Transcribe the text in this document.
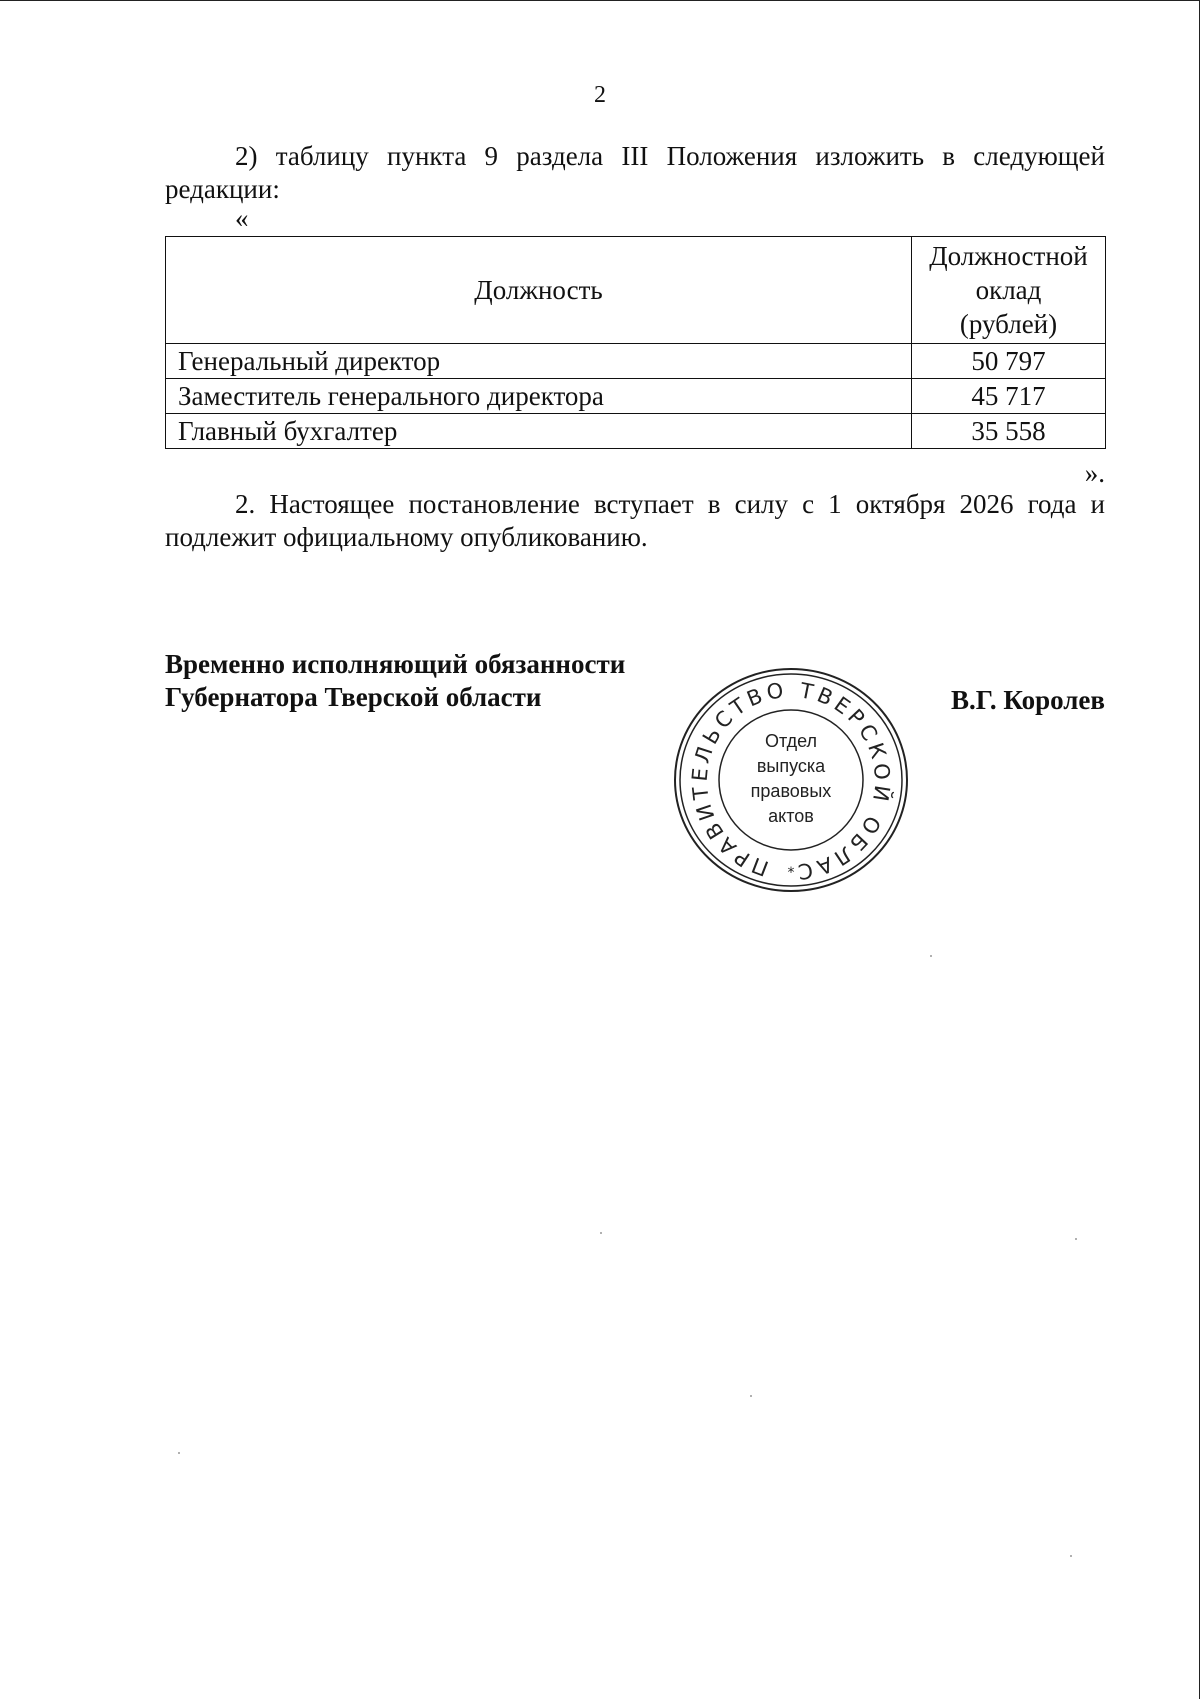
2

2) таблицу пункта 9 раздела III Положения изложить в следующей редакции:

«
Должность	Должностной оклад (рублей)
Генеральный директор	50 797
Заместитель генерального директора	45 717
Главный бухгалтер	35 558
».

2. Настоящее постановление вступает в силу с 1 октября 2026 года и подлежит официальному опубликованию.

Временно исполняющий обязанности
Губернатора Тверской области
ПРАВИТЕЛЬСТВО ТВЕРСКОЙ ОБЛАС
Отдел
выпуска
правовых
актов
*
В.Г. Королев
